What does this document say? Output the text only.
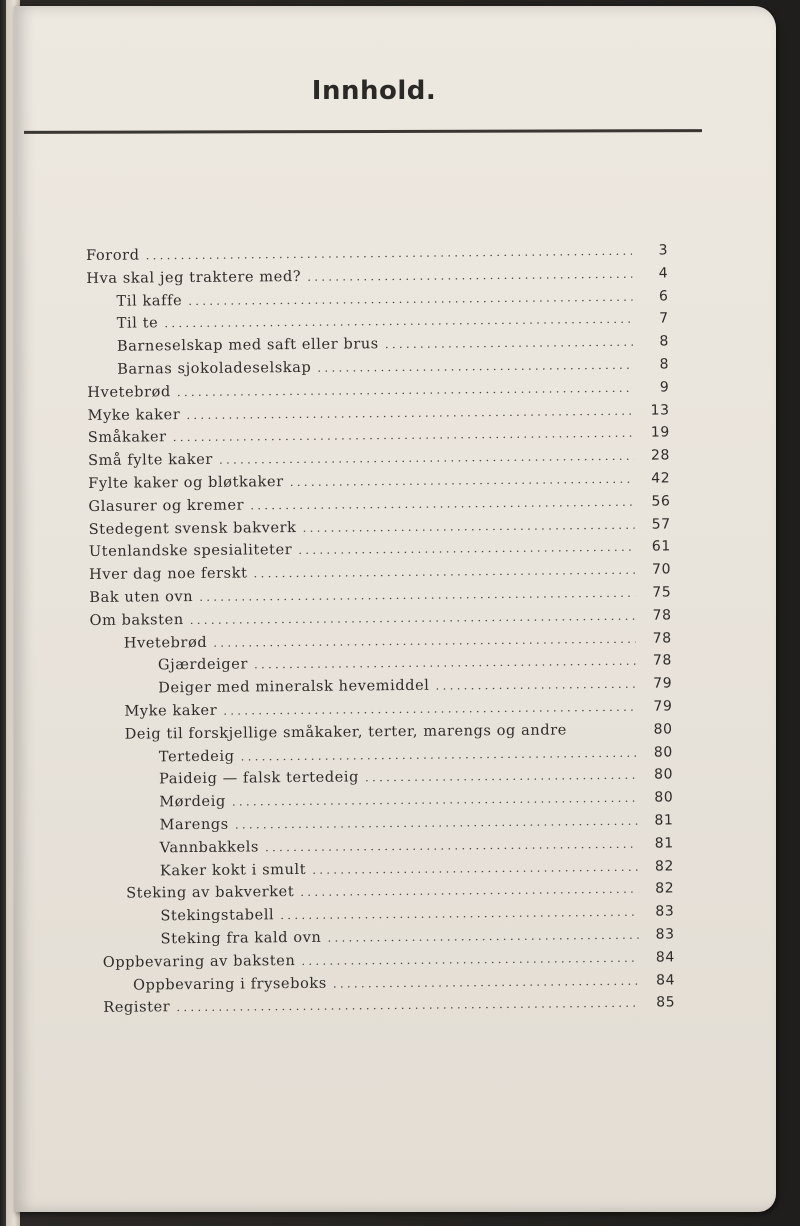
Innhold.
Forord .....	3
Hva skal jeg traktere med? .....	4
Til kaffe .....	6
Til te .....	7
Barneselskap med saft eller brus .....	8
Barnas sjokoladeselskap .....	8
Hvetebrød .....	9
Myke kaker .....	13
Småkaker .....	19
Små fylte kaker .....	28
Fylte kaker og bløtkaker .....	42
Glasurer og kremer .....	56
Stedegent svensk bakverk .....	57
Utenlandske spesialiteter .....	61
Hver dag noe ferskt .....	70
Bak uten ovn .....	75
Om baksten .....	78
Hvetebrød .....	78
Gjærdeiger .....	78
Deiger med mineralsk hevemiddel .....	79
Myke kaker .....	79
Deig til forskjellige småkaker, terter, marengs og andre	80
Tertedeig .....	80
Paideig — falsk tertedeig .....	80
Mørdeig .....	80
Marengs .....	81
Vannbakkels .....	81
Kaker kokt i smult .....	82
Steking av bakverket .....	82
Stekingstabell .....	83
Steking fra kald ovn .....	83
Oppbevaring av baksten .....	84
Oppbevaring i fryseboks .....	84
Register .....	85
